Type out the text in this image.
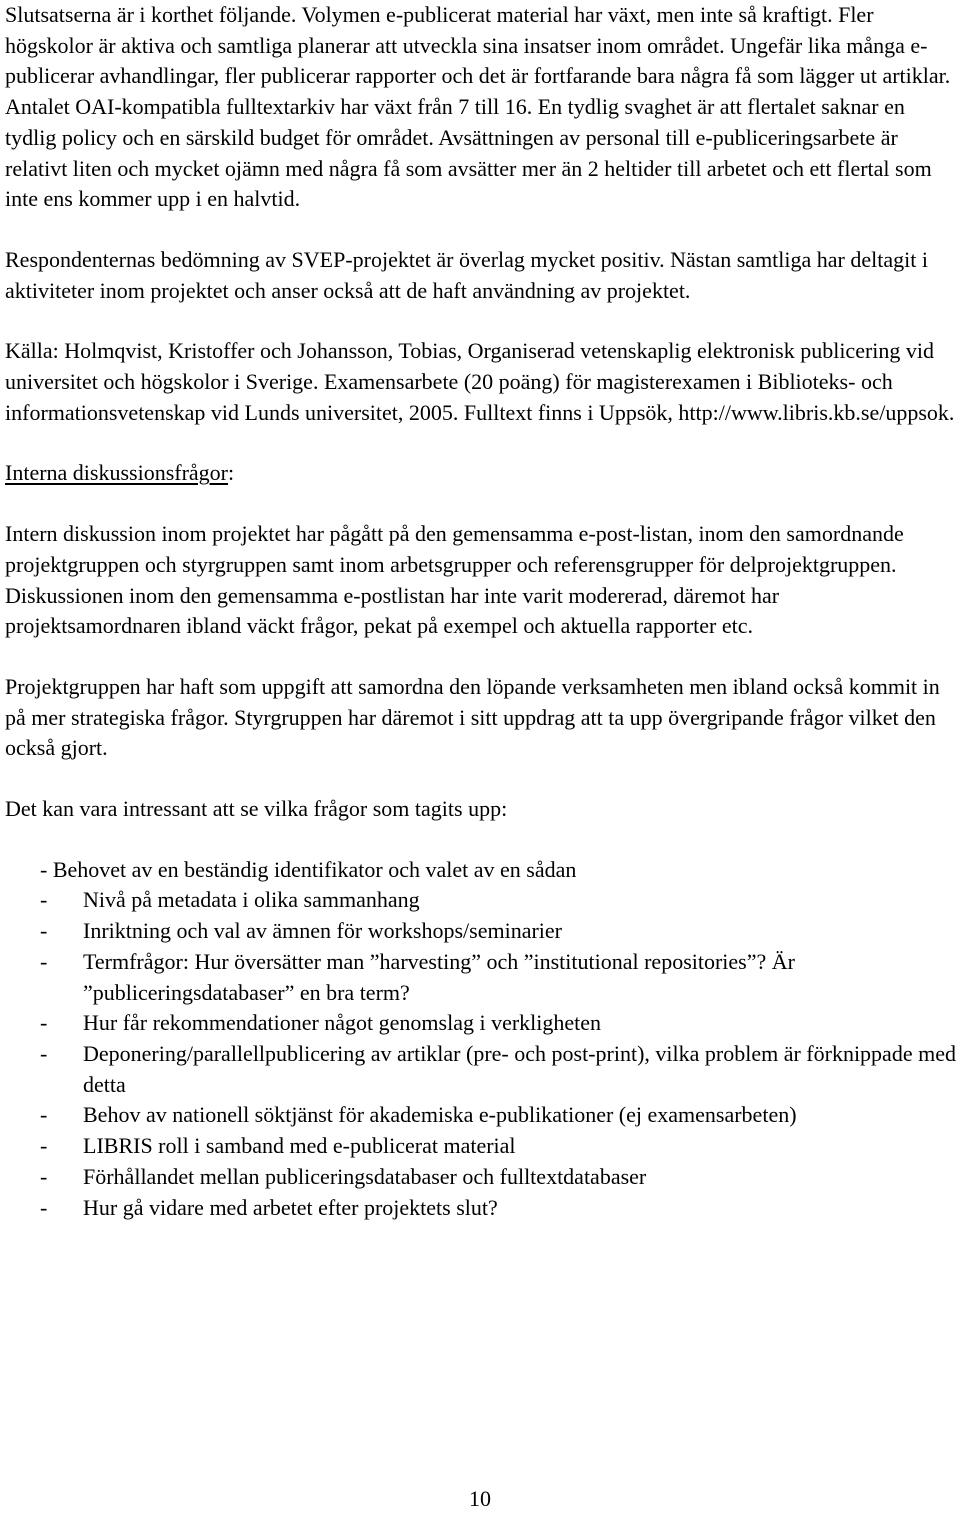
Slutsatserna är i korthet följande. Volymen e-publicerat material har växt, men inte så kraftigt. Fler högskolor är aktiva och samtliga planerar att utveckla sina insatser inom området. Ungefär lika många e-publicerar avhandlingar, fler publicerar rapporter och det är fortfarande bara några få som lägger ut artiklar. Antalet OAI-kompatibla fulltextarkiv har växt från 7 till 16. En tydlig svaghet är att flertalet saknar en tydlig policy och en särskild budget för området. Avsättningen av personal till e-publiceringsarbete är relativt liten och mycket ojämn med några få som avsätter mer än 2 heltider till arbetet och ett flertal som inte ens kommer upp i en halvtid.

Respondenternas bedömning av SVEP-projektet är överlag mycket positiv. Nästan samtliga har deltagit i aktiviteter inom projektet och anser också att de haft användning av projektet.

Källa: Holmqvist, Kristoffer och Johansson, Tobias, Organiserad vetenskaplig elektronisk publicering vid universitet och högskolor i Sverige. Examensarbete (20 poäng) för magisterexamen i Biblioteks- och informationsvetenskap vid Lunds universitet, 2005. Fulltext finns i Uppsök, http://www.libris.kb.se/uppsok.

Interna diskussionsfrågor:

Intern diskussion inom projektet har pågått på den gemensamma e-post-listan, inom den samordnande projektgruppen och styrgruppen samt inom arbetsgrupper och referensgrupper för delprojektgruppen. Diskussionen inom den gemensamma e-postlistan har inte varit modererad, däremot har projektsamordnaren ibland väckt frågor, pekat på exempel och aktuella rapporter etc.

Projektgruppen har haft som uppgift att samordna den löpande verksamheten men ibland också kommit in på mer strategiska frågor. Styrgruppen har däremot i sitt uppdrag att ta upp övergripande frågor vilket den också gjort.

Det kan vara intressant att se vilka frågor som tagits upp:

- Behovet av en beständig identifikator och valet av en sådan
- Nivå på metadata i olika sammanhang
- Inriktning och val av ämnen för workshops/seminarier
- Termfrågor: Hur översätter man ”harvesting” och ”institutional repositories”? Är ”publiceringsdatabaser” en bra term?
- Hur får rekommendationer något genomslag i verkligheten
- Deponering/parallellpublicering av artiklar (pre- och post-print), vilka problem är förknippade med detta
- Behov av nationell söktjänst för akademiska e-publikationer (ej examensarbeten)
- LIBRIS roll i samband med e-publicerat material
- Förhållandet mellan publiceringsdatabaser och fulltextdatabaser
- Hur gå vidare med arbetet efter projektets slut?
10
